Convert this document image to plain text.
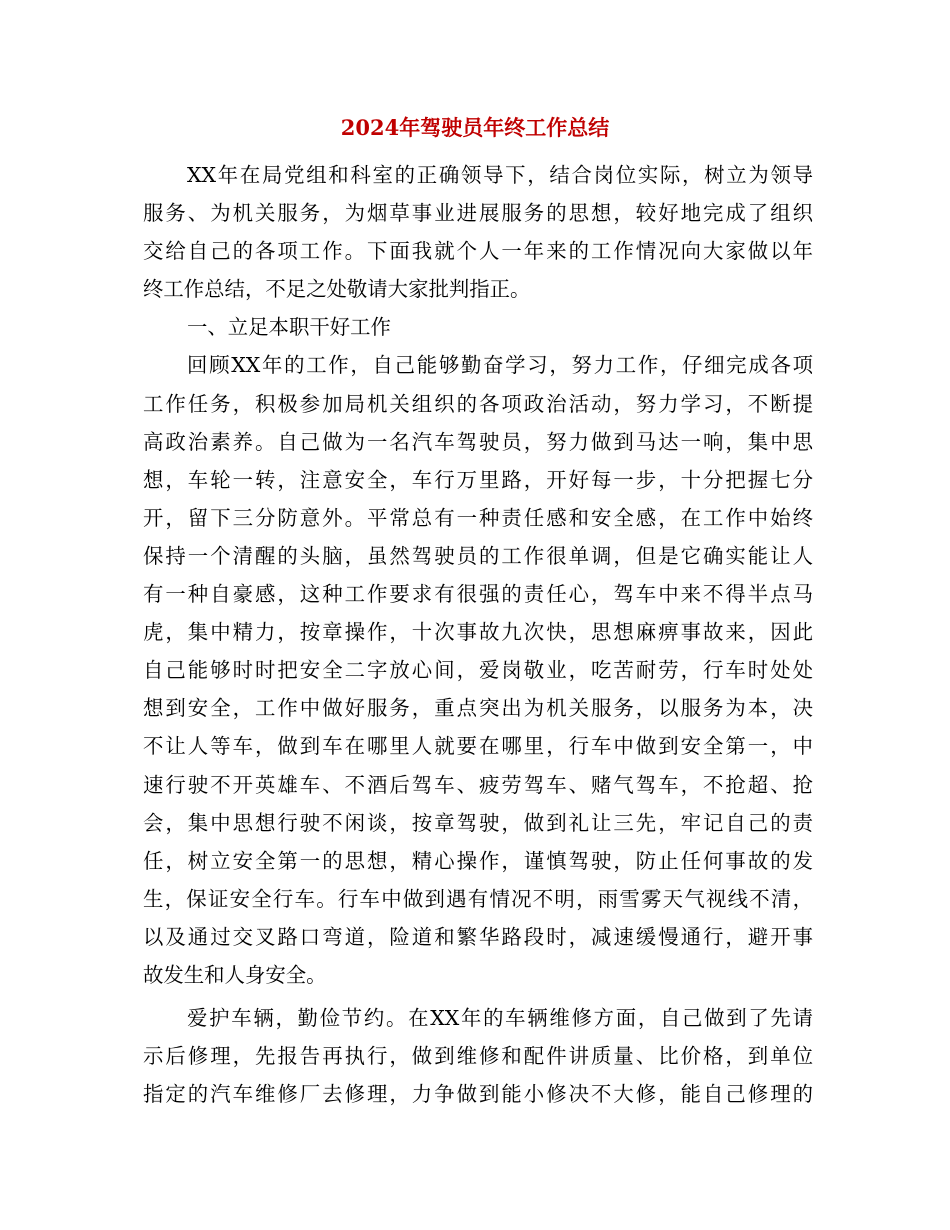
2024年驾驶员年终工作总结
XX年在局党组和科室的正确领导下，结合岗位实际，树立为领导
服务、为机关服务，为烟草事业进展服务的思想，较好地完成了组织
交给自己的各项工作。下面我就个人一年来的工作情况向大家做以年
终工作总结，不足之处敬请大家批判指正。
一、立足本职干好工作
回顾XX年的工作，自己能够勤奋学习，努力工作，仔细完成各项
工作任务，积极参加局机关组织的各项政治活动，努力学习，不断提
高政治素养。自己做为一名汽车驾驶员，努力做到马达一响，集中思
想，车轮一转，注意安全，车行万里路，开好每一步，十分把握七分
开，留下三分防意外。平常总有一种责任感和安全感，在工作中始终
保持一个清醒的头脑，虽然驾驶员的工作很单调，但是它确实能让人
有一种自豪感，这种工作要求有很强的责任心，驾车中来不得半点马
虎，集中精力，按章操作，十次事故九次快，思想麻痹事故来，因此
自己能够时时把安全二字放心间，爱岗敬业，吃苦耐劳，行车时处处
想到安全，工作中做好服务，重点突出为机关服务，以服务为本，决
不让人等车，做到车在哪里人就要在哪里，行车中做到安全第一，中
速行驶不开英雄车、不酒后驾车、疲劳驾车、赌气驾车，不抢超、抢
会，集中思想行驶不闲谈，按章驾驶，做到礼让三先，牢记自己的责
任，树立安全第一的思想，精心操作，谨慎驾驶，防止任何事故的发
生，保证安全行车。行车中做到遇有情况不明，雨雪雾天气视线不清，
以及通过交叉路口弯道，险道和繁华路段时，减速缓慢通行，避开事
故发生和人身安全。
爱护车辆，勤俭节约。在XX年的车辆维修方面，自己做到了先请
示后修理，先报告再执行，做到维修和配件讲质量、比价格，到单位
指定的汽车维修厂去修理，力争做到能小修决不大修，能自己修理的
